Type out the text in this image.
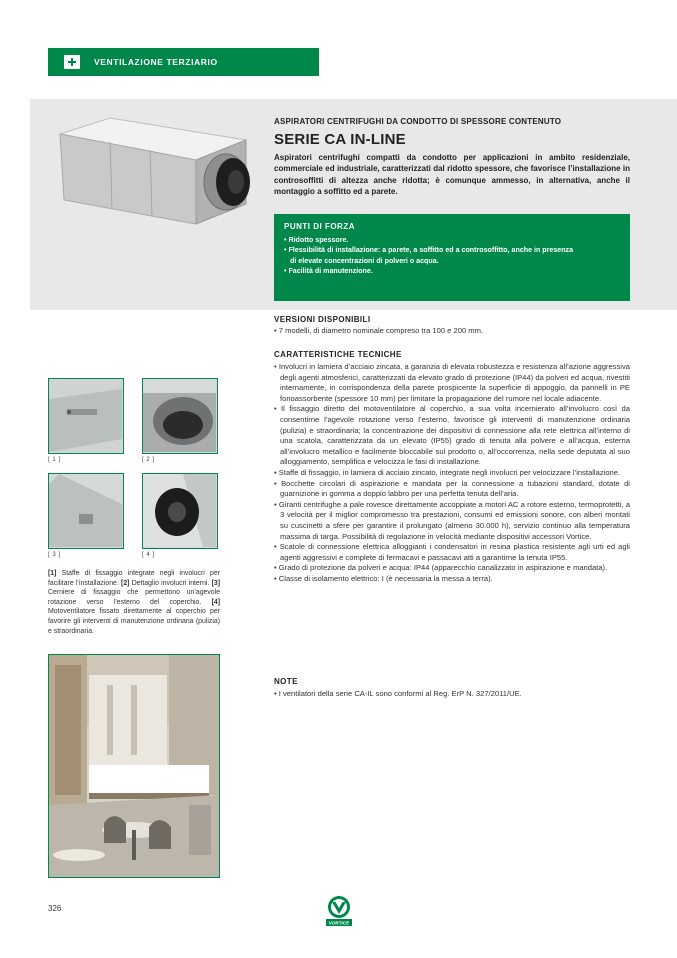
VENTILAZIONE TERZIARIO
ASPIRATORI CENTRIFUGHI DA CONDOTTO DI SPESSORE CONTENUTO
SERIE CA IN-LINE
Aspiratori centrifughi compatti da condotto per applicazioni in ambito residenziale, commerciale ed industriale, caratterizzati dal ridotto spessore, che favorisce l’installazione in controsoffitti di altezza anche ridotta; è comunque ammesso, in alternativa, anche il montaggio a soffitto ed a parete.
PUNTI DI FORZA
• Ridotto spessore.
• Flessibilità di installazione: a parete, a soffitto ed a controsoffitto, anche in presenza
di elevate concentrazioni di polveri o acqua.
• Facilità di manutenzione.
VERSIONI DISPONIBILI
• 7 modelli, di diametro nominale compreso tra 100 e 200 mm.
CARATTERISTICHE TECNICHE
• Involucri in lamiera d’acciaio zincata, a garanzia di elevata robustezza e resistenza all’azione aggressiva degli agenti atmosferici, caratterizzati da elevato grado di protezione (IP44) da polveri ed acqua, rivestiti internamente, in corrispondenza della parete prospicente la superficie di appoggio, da pannelli in PE fonoassorbente (spessore 10 mm) per limitare la propagazione del rumore nel locale adiacente.
• Il fissaggio diretto del motoventilatore al coperchio, a sua volta incernierato all’involucro così da consentirne l’agevole rotazione verso l’esterno, favorisce gli interventi di manutenzione ordinaria (pulizia) e straordinaria; la concentrazione dei dispositivi di connessione alla rete elettrica all’interno di una scatola, caratterizzata da un elevato (IP55) grado di tenuta alla polvere e all’acqua, esterna all’involucro metallico e facilmente bloccabile sul prodotto o, all’occorrenza, nella sede deputata al suo alloggiamento, semplifica e velocizza le fasi di installazione.
• Staffe di fissaggio, in lamiera di acciaio zincato, integrate negli involucri per velocizzare l’installazione.
• Bocchette circolari di aspirazione e mandata per la connessione a tubazioni standard, dotate di guarnizione in gomma a doppio labbro per una perfetta tenuta dell’aria.
• Giranti centrifughe a pale rovesce direttamente accoppiate a motori AC a rotore esterno, termoprotetti, a 3 velocità per il miglior compromesso tra prestazioni, consumi ed emissioni sonore, con alberi montati su cuscinetti a sfere per garantire il prolungato (almeno 30.000 h), servizio continuo alla temperatura massima di targa. Possibilità di regolazione in velocità mediante dispositivi accessori Vortice.
• Scatole di connessione elettrica alloggianti i condensatori in resina plastica resistente agli urti ed agli agenti aggressivi e complete di fermacavi e passacavi atti a garantirne la tenuta IP55.
• Grado di protezione da polveri e acqua: IP44 (apparecchio canalizzato in aspirazione e mandata).
• Classe di isolamento elettrico: I (è necessaria la messa a terra).
NOTE
• I ventilatori della serie CA-IL sono conformi al Reg. ErP N. 327/2011/UE.
[ 1 ]	[ 2 ]
[ 3 ]	[ 4 ]
[1] Staffe di fissaggio integrate negli involucri per facilitare l’installazione. [2] Dettaglio involucri interni. [3] Cerniere di fissaggio che permettono un’agevole rotazione verso l’esterno del coperchio. [4] Motoventilatore fissato direttamente al coperchio per favorire gli interventi di manutenzione ordinaria (pulizia) e straordinaria.
326
VORTICE
